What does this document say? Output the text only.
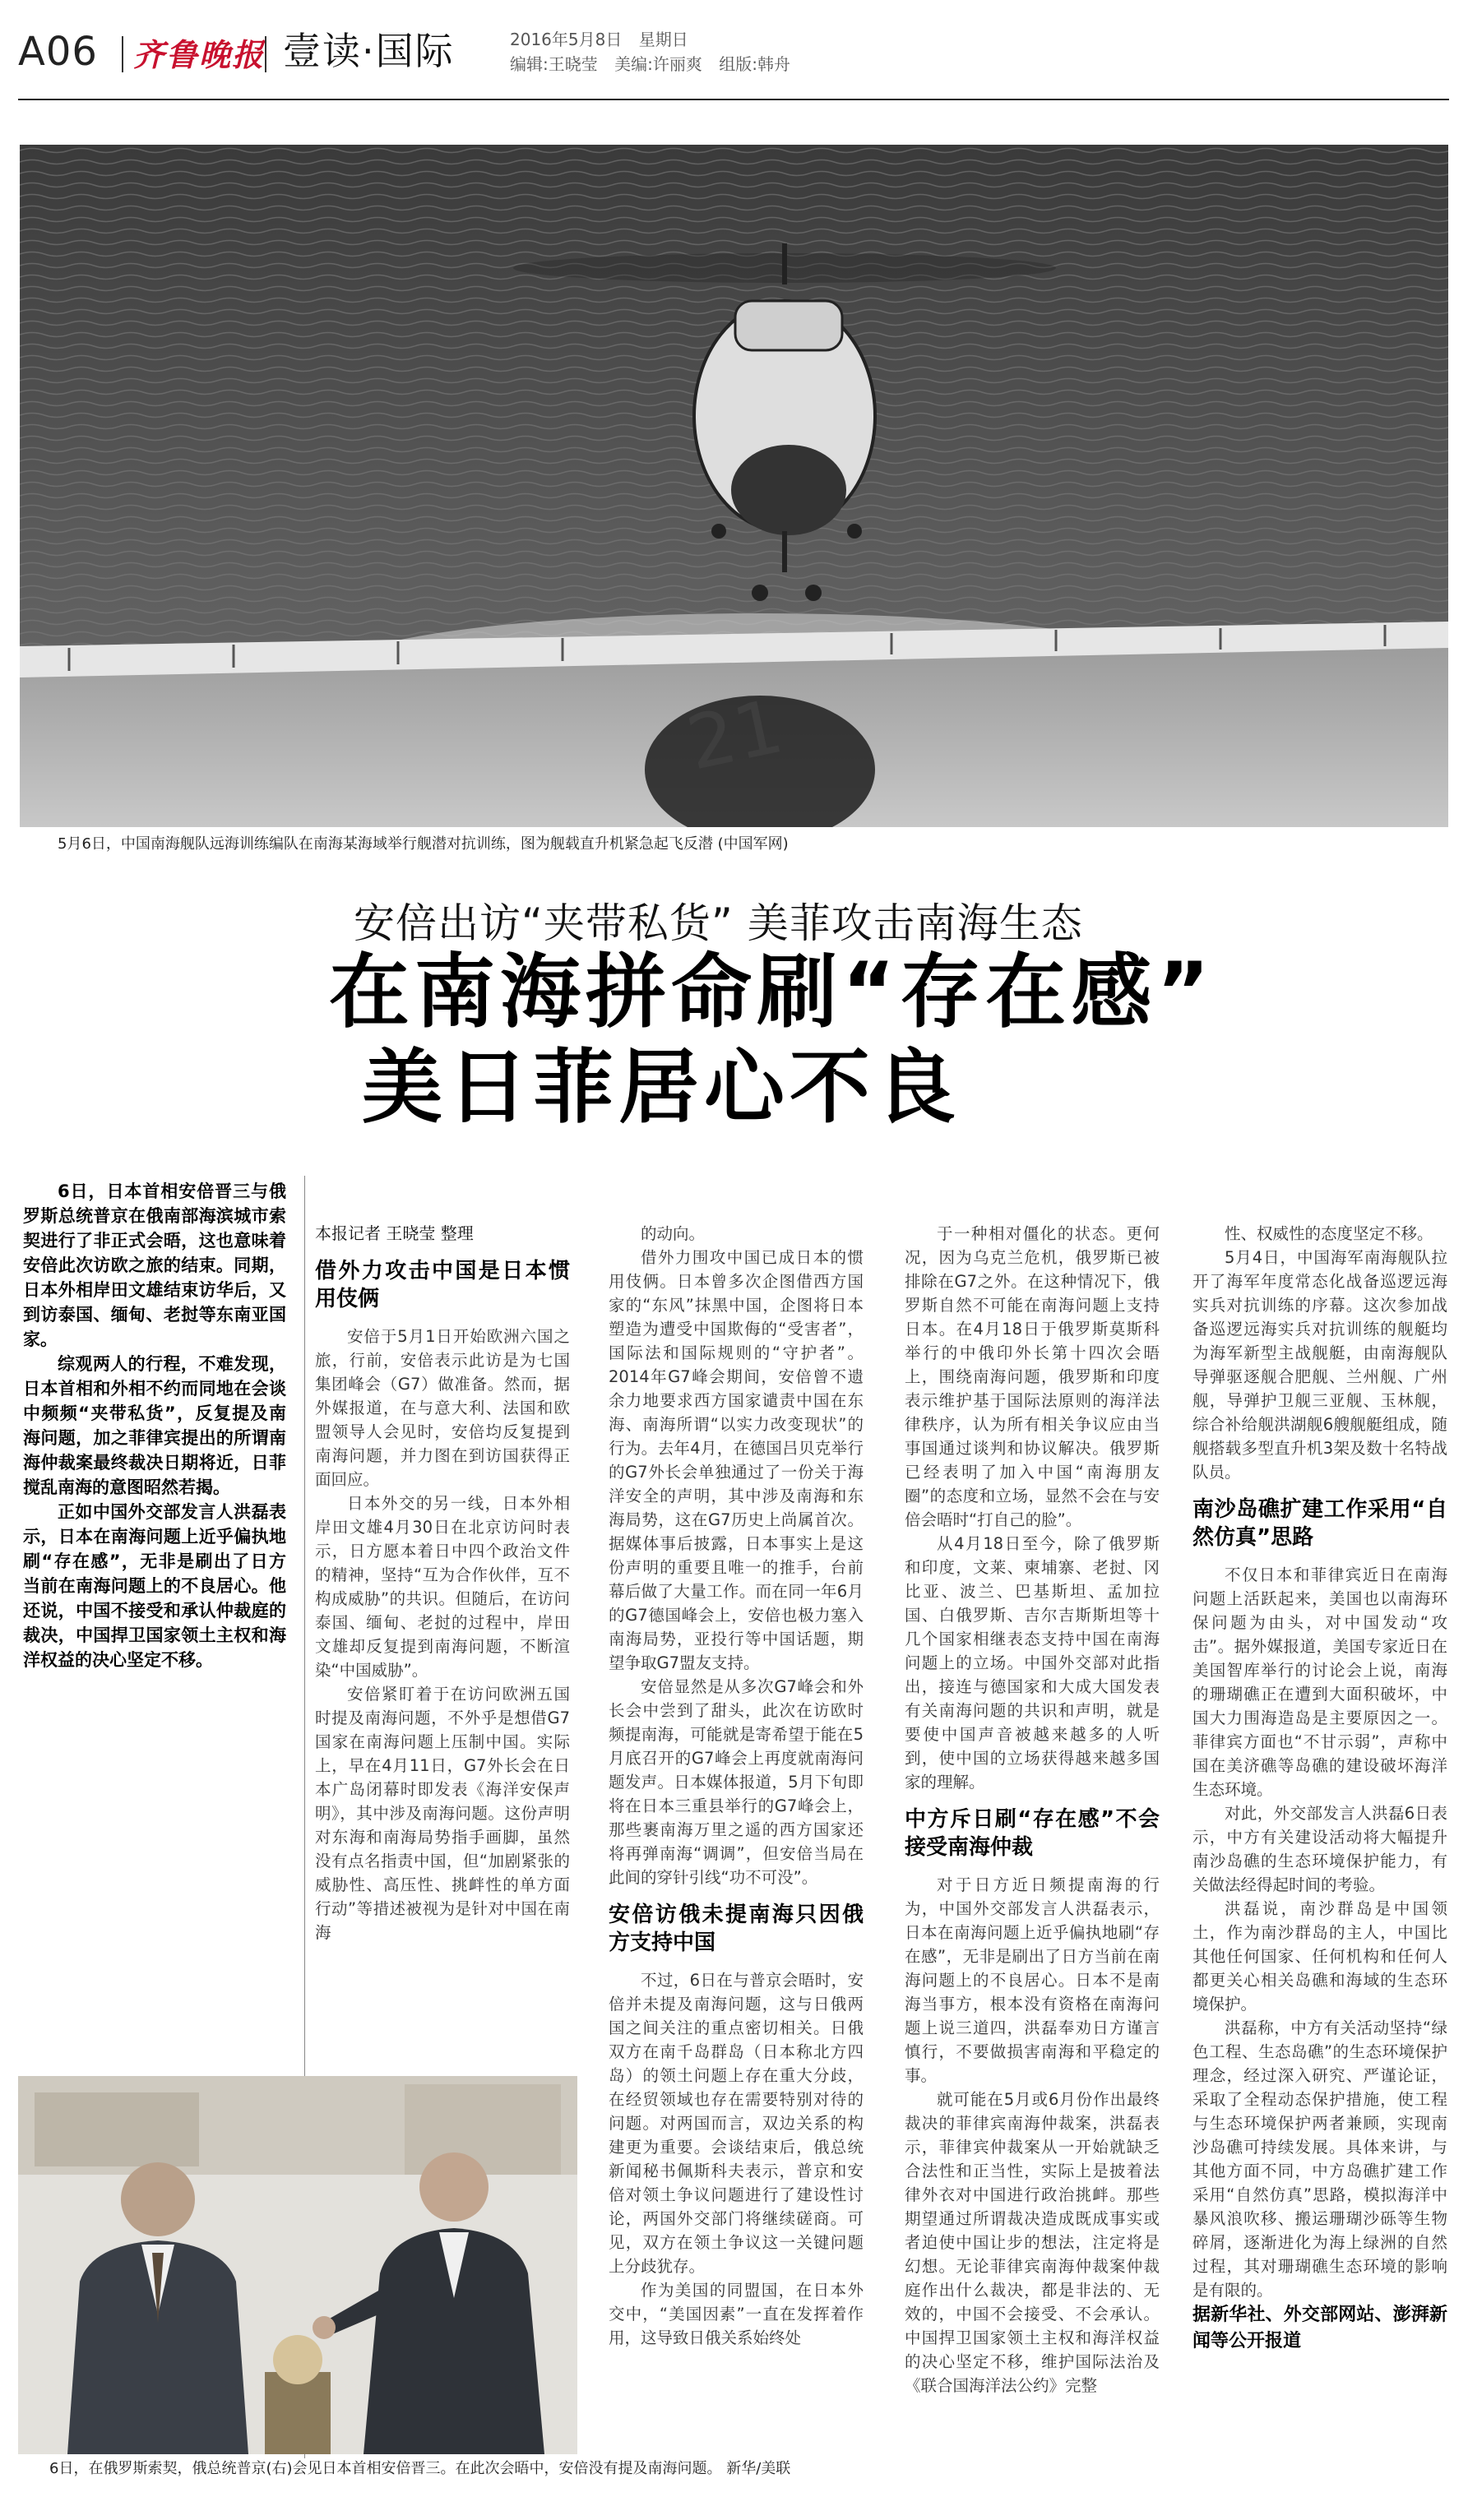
A06 齐鲁晚报 壹读·国际	2016年5月8日 星期日
编辑:王晓莹 美编:许丽爽 组版:韩舟
5月6日，中国南海舰队远海训练编队在南海某海域举行舰潜对抗训练，图为舰载直升机紧急起飞反潜 (中国军网)
安倍出访“夹带私货” 美菲攻击南海生态
在南海拼命刷“存在感”
美日菲居心不良

6日，日本首相安倍晋三与俄罗斯总统普京在俄南部海滨城市索契进行了非正式会晤，这也意味着安倍此次访欧之旅的结束。同期，日本外相岸田文雄结束访华后，又到访泰国、缅甸、老挝等东南亚国家。

综观两人的行程，不难发现，日本首相和外相不约而同地在会谈中频频“夹带私货”，反复提及南海问题，加之菲律宾提出的所谓南海仲裁案最终裁决日期将近，日菲搅乱南海的意图昭然若揭。

正如中国外交部发言人洪磊表示，日本在南海问题上近乎偏执地刷“存在感”，无非是刷出了日方当前在南海问题上的不良居心。他还说，中国不接受和承认仲裁庭的裁决，中国捍卫国家领土主权和海洋权益的决心坚定不移。

本报记者 王晓莹 整理

借外力攻击中国是日本惯用伎俩

安倍于5月1日开始欧洲六国之旅，行前，安倍表示此访是为七国集团峰会（G7）做准备。然而，据外媒报道，在与意大利、法国和欧盟领导人会见时，安倍均反复提到南海问题，并力图在到访国获得正面回应。

日本外交的另一线，日本外相岸田文雄4月30日在北京访问时表示，日方愿本着日中四个政治文件的精神，坚持“互为合作伙伴，互不构成威胁”的共识。但随后，在访问泰国、缅甸、老挝的过程中，岸田文雄却反复提到南海问题，不断渲染“中国威胁”。

安倍紧盯着于在访问欧洲五国时提及南海问题，不外乎是想借G7国家在南海问题上压制中国。实际上，早在4月11日，G7外长会在日本广岛闭幕时即发表《海洋安保声明》，其中涉及南海问题。这份声明对东海和南海局势指手画脚，虽然没有点名指责中国，但“加剧紧张的威胁性、高压性、挑衅性的单方面行动”等措述被视为是针对中国在南海

的动向。

借外力围攻中国已成日本的惯用伎俩。日本曾多次企图借西方国家的“东风”抹黑中国，企图将日本塑造为遭受中国欺侮的“受害者”，国际法和国际规则的“守护者”。2014年G7峰会期间，安倍曾不遗余力地要求西方国家谴责中国在东海、南海所谓“以实力改变现状”的行为。去年4月，在德国吕贝克举行的G7外长会单独通过了一份关于海洋安全的声明，其中涉及南海和东海局势，这在G7历史上尚属首次。据媒体事后披露，日本事实上是这份声明的重要且唯一的推手，台前幕后做了大量工作。而在同一年6月的G7德国峰会上，安倍也极力塞入南海局势，亚投行等中国话题，期望争取G7盟友支持。

安倍显然是从多次G7峰会和外长会中尝到了甜头，此次在访欧时频提南海，可能就是寄希望于能在5月底召开的G7峰会上再度就南海问题发声。日本媒体报道，5月下旬即将在日本三重县举行的G7峰会上，那些裹南海万里之遥的西方国家还将再弹南海“调调”，但安倍当局在此间的穿针引线“功不可没”。

安倍访俄未提南海只因俄方支持中国

不过，6日在与普京会晤时，安倍并未提及南海问题，这与日俄两国之间关注的重点密切相关。日俄双方在南千岛群岛（日本称北方四岛）的领土问题上存在重大分歧，在经贸领域也存在需要特别对待的问题。对两国而言，双边关系的构建更为重要。会谈结束后，俄总统新闻秘书佩斯科夫表示，普京和安倍对领土争议问题进行了建设性讨论，两国外交部门将继续磋商。可见，双方在领土争议这一关键问题上分歧犹存。

作为美国的同盟国，在日本外交中，“美国因素”一直在发挥着作用，这导致日俄关系始终处

于一种相对僵化的状态。更何况，因为乌克兰危机，俄罗斯已被排除在G7之外。在这种情况下，俄罗斯自然不可能在南海问题上支持日本。在4月18日于俄罗斯莫斯科举行的中俄印外长第十四次会晤上，围绕南海问题，俄罗斯和印度表示维护基于国际法原则的海洋法律秩序，认为所有相关争议应由当事国通过谈判和协议解决。俄罗斯已经表明了加入中国“南海朋友圈”的态度和立场，显然不会在与安倍会晤时“打自己的脸”。

从4月18日至今，除了俄罗斯和印度，文莱、柬埔寨、老挝、冈比亚、波兰、巴基斯坦、孟加拉国、白俄罗斯、吉尔吉斯斯坦等十几个国家相继表态支持中国在南海问题上的立场。中国外交部对此指出，接连与德国家和大成大国发表有关南海问题的共识和声明，就是要使中国声音被越来越多的人听到，使中国的立场获得越来越多国家的理解。

中方斥日刷“存在感”不会接受南海仲裁

对于日方近日频提南海的行为，中国外交部发言人洪磊表示，日本在南海问题上近乎偏执地刷“存在感”，无非是刷出了日方当前在南海问题上的不良居心。日本不是南海当事方，根本没有资格在南海问题上说三道四，洪磊奉劝日方谨言慎行，不要做损害南海和平稳定的事。

就可能在5月或6月份作出最终裁决的菲律宾南海仲裁案，洪磊表示，菲律宾仲裁案从一开始就缺乏合法性和正当性，实际上是披着法律外衣对中国进行政治挑衅。那些期望通过所谓裁决造成既成事实或者迫使中国让步的想法，注定将是幻想。无论菲律宾南海仲裁案仲裁庭作出什么裁决，都是非法的、无效的，中国不会接受、不会承认。中国捍卫国家领土主权和海洋权益的决心坚定不移，维护国际法治及《联合国海洋法公约》完整

性、权威性的态度坚定不移。

5月4日，中国海军南海舰队拉开了海军年度常态化战备巡逻远海实兵对抗训练的序幕。这次参加战备巡逻远海实兵对抗训练的舰艇均为海军新型主战舰艇，由南海舰队导弹驱逐舰合肥舰、兰州舰、广州舰，导弹护卫舰三亚舰、玉林舰，综合补给舰洪湖舰6艘舰艇组成，随舰搭载多型直升机3架及数十名特战队员。

南沙岛礁扩建工作采用“自然仿真”思路

不仅日本和菲律宾近日在南海问题上活跃起来，美国也以南海环保问题为由头，对中国发动“攻击”。据外媒报道，美国专家近日在美国智库举行的讨论会上说，南海的珊瑚礁正在遭到大面积破坏，中国大力围海造岛是主要原因之一。菲律宾方面也“不甘示弱”，声称中国在美济礁等岛礁的建设破坏海洋生态环境。

对此，外交部发言人洪磊6日表示，中方有关建设活动将大幅提升南沙岛礁的生态环境保护能力，有关做法经得起时间的考验。

洪磊说，南沙群岛是中国领土，作为南沙群岛的主人，中国比其他任何国家、任何机构和任何人都更关心相关岛礁和海域的生态环境保护。

洪磊称，中方有关活动坚持“绿色工程、生态岛礁”的生态环境保护理念，经过深入研究、严谨论证，采取了全程动态保护措施，使工程与生态环境保护两者兼顾，实现南沙岛礁可持续发展。具体来讲，与其他方面不同，中方岛礁扩建工作采用“自然仿真”思路，模拟海洋中暴风浪吹移、搬运珊瑚沙砾等生物碎屑，逐渐进化为海上绿洲的自然过程，其对珊瑚礁生态环境的影响是有限的。

据新华社、外交部网站、澎湃新闻等公开报道

6日，在俄罗斯索契，俄总统普京(右)会见日本首相安倍晋三。在此次会晤中，安倍没有提及南海问题。 新华/美联
